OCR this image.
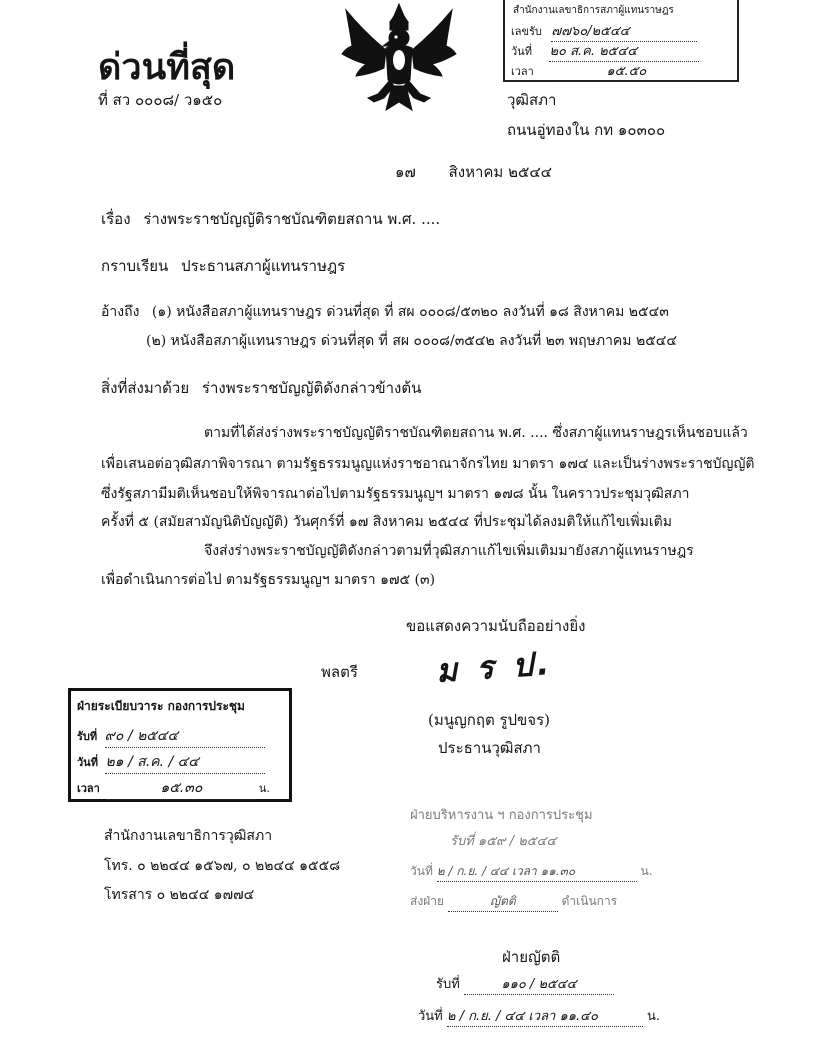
ด่วนที่สุด
ที่ สว ๐๐๐๘/ ว๑๕๐
สำนักงานเลขาธิการสภาผู้แทนราษฎร
เลขรับ ๗๗๖๐/๒๕๔๔
วันที่ ๒๐ ส.ค. ๒๕๔๔
เวลา	๑๕.๕๐
วุฒิสภา
ถนนอู่ทองใน กท ๑๐๓๐๐
๑๗ สิงหาคม ๒๕๔๔
เรื่อง ร่างพระราชบัญญัติราชบัณฑิตยสถาน พ.ศ. ....
กราบเรียน ประธานสภาผู้แทนราษฎร
อ้างถึง (๑) หนังสือสภาผู้แทนราษฎร ด่วนที่สุด ที่ สผ ๐๐๐๘/๕๓๒๐ ลงวันที่ ๑๘ สิงหาคม ๒๕๔๓
(๒) หนังสือสภาผู้แทนราษฎร ด่วนที่สุด ที่ สผ ๐๐๐๘/๓๕๔๒ ลงวันที่ ๒๓ พฤษภาคม ๒๕๔๔
สิ่งที่ส่งมาด้วย ร่างพระราชบัญญัติดังกล่าวข้างต้น
ตามที่ได้ส่งร่างพระราชบัญญัติราชบัณฑิตยสถาน พ.ศ. .... ซึ่งสภาผู้แทนราษฎรเห็นชอบแล้ว
เพื่อเสนอต่อวุฒิสภาพิจารณา ตามรัฐธรรมนูญแห่งราชอาณาจักรไทย มาตรา ๑๗๔ และเป็นร่างพระราชบัญญัติ
ซึ่งรัฐสภามีมติเห็นชอบให้พิจารณาต่อไปตามรัฐธรรมนูญฯ มาตรา ๑๗๘ นั้น ในคราวประชุมวุฒิสภา
ครั้งที่ ๕ (สมัยสามัญนิติบัญญัติ) วันศุกร์ที่ ๑๗ สิงหาคม ๒๕๔๔ ที่ประชุมได้ลงมติให้แก้ไขเพิ่มเติม
จึงส่งร่างพระราชบัญญัติดังกล่าวตามที่วุฒิสภาแก้ไขเพิ่มเติมมายังสภาผู้แทนราษฎร
เพื่อดำเนินการต่อไป ตามรัฐธรรมนูญฯ มาตรา ๑๗๕ (๓)
ขอแสดงความนับถืออย่างยิ่ง
พลตรี ม ร ป.
(มนูญกฤต รูปขจร)
ประธานวุฒิสภา
ฝ่ายระเบียบวาระ กองการประชุม
รับที่ ๙๐ / ๒๕๔๔
วันที่ ๒๑ / ส.ค. / ๔๔
เวลา	๑๕.๓๐	น.
สำนักงานเลขาธิการวุฒิสภา
โทร. ๐ ๒๒๔๔ ๑๕๖๗, ๐ ๒๒๔๔ ๑๕๕๘
โทรสาร ๐ ๒๒๔๔ ๑๗๗๔
ฝ่ายบริหารงาน ฯ กองการประชุม
รับที่ ๑๕๙ / ๒๕๔๔
วันที่ ๒ / ก.ย. / ๔๔ เวลา ๑๑.๓๐	น.
ส่งฝ่าย	ญัตติ	ดำเนินการ
ฝ่ายญัตติ
รับที่	๑๑๐ / ๒๕๔๔
วันที่ ๒ / ก.ย. / ๔๔ เวลา ๑๑.๔๐	น.
